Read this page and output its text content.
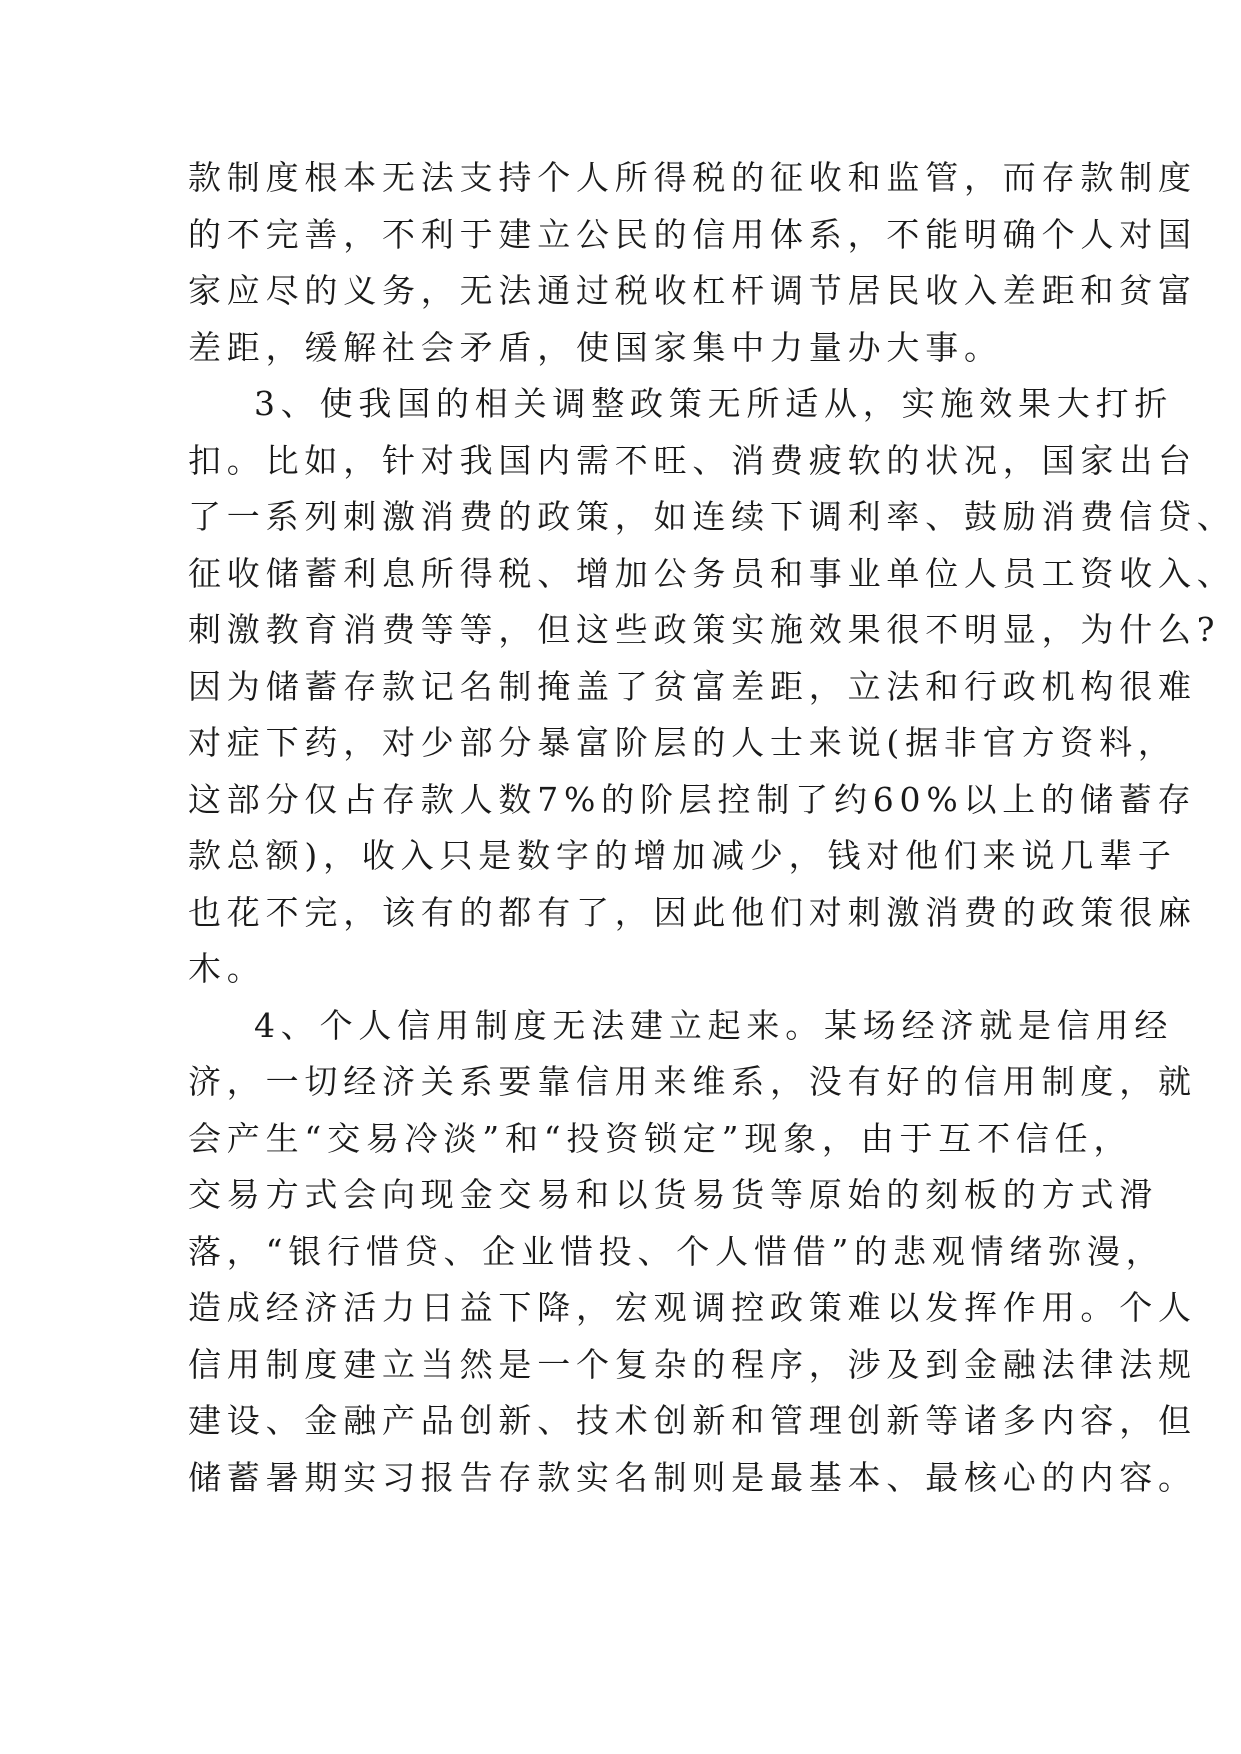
款制度根本无法支持个人所得税的征收和监管，而存款制度
的不完善，不利于建立公民的信用体系，不能明确个人对国
家应尽的义务，无法通过税收杠杆调节居民收入差距和贫富
差距，缓解社会矛盾，使国家集中力量办大事。
3、使我国的相关调整政策无所适从，实施效果大打折
扣。比如，针对我国内需不旺、消费疲软的状况，国家出台
了一系列刺激消费的政策，如连续下调利率、鼓励消费信贷、
征收储蓄利息所得税、增加公务员和事业单位人员工资收入、
刺激教育消费等等，但这些政策实施效果很不明显，为什么?
因为储蓄存款记名制掩盖了贫富差距，立法和行政机构很难
对症下药，对少部分暴富阶层的人士来说(据非官方资料，
这部分仅占存款人数7%的阶层控制了约60%以上的储蓄存
款总额)，收入只是数字的增加减少，钱对他们来说几辈子
也花不完，该有的都有了，因此他们对刺激消费的政策很麻
木。
4、个人信用制度无法建立起来。某场经济就是信用经
济，一切经济关系要靠信用来维系，没有好的信用制度，就
会产生“交易冷淡”和“投资锁定”现象，由于互不信任，
交易方式会向现金交易和以货易货等原始的刻板的方式滑
落，“银行惜贷、企业惜投、个人惜借”的悲观情绪弥漫，
造成经济活力日益下降，宏观调控政策难以发挥作用。个人
信用制度建立当然是一个复杂的程序，涉及到金融法律法规
建设、金融产品创新、技术创新和管理创新等诸多内容，但
储蓄暑期实习报告存款实名制则是最基本、最核心的内容。
